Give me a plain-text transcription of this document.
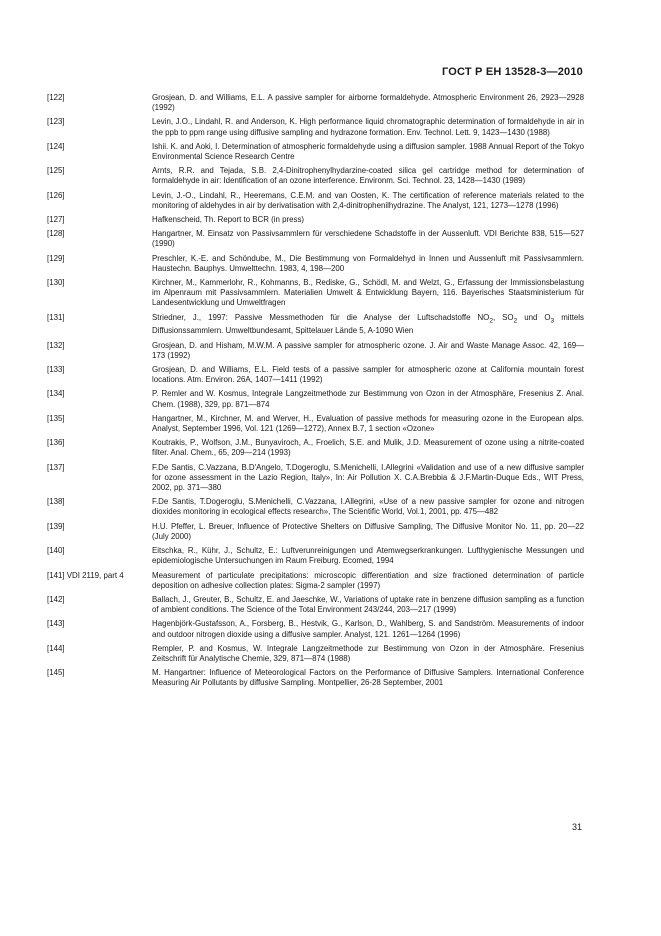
ГОСТ Р ЕН 13528-3—2010
[122]	Grosjean, D. and Williams, E.L. A passive sampler for airborne formaldehyde. Atmospheric Environment 26, 2923—2928 (1992)
[123]	Levin, J.O., Lindahl, R. and Anderson, K. High performance liquid chromatographic determination of formaldehyde in air in the ppb to ppm range using diffusive sampling and hydrazone formation. Env. Technol. Lett. 9, 1423—1430 (1988)
[124]	Ishii. K. and Aoki, I. Determination of atmospheric formaldehyde using a diffusion sampler. 1988 Annual Report of the Tokyo Environmental Science Research Centre
[125]	Arnts, R.R. and Tejada, S.B. 2,4-Dinitrophenylhydarzine-coated silica gel cartridge method for determination of formaldehyde in air: Identification of an ozone interference. Environm. Sci. Technol. 23, 1428—1430 (1989)
[126]	Levin, J.-O., Lindahl, R., Heeremans, C.E.M. and van Oosten, K. The certification of reference materials related to the monitoring of aldehydes in air by derivatisation with 2,4-dinitrophenilhydrazine. The Analyst, 121, 1273—1278 (1996)
[127]	Hafkenscheid, Th. Report to BCR (in press)
[128]	Hangartner, M. Einsatz von Passivsammlern für verschiedene Schadstoffe in der Aussenluft. VDI Berichte 838, 515—527 (1990)
[129]	Preschler, K.-E. and Schöndube, M., Die Bestimmung von Formaldehyd in Innen und Aussenluft mit Passivsammlern. Haustechn. Bauphys. Umwelttechn. 1983, 4, 198—200
[130]	Kirchner, M., Kammerlohr, R., Kohmanns, B., Rediske, G., Schödl, M. and Welzt, G., Erfassung der Immissionsbelastung im Alpenraum mit Passivsammlern. Materialien Umwelt & Entwicklung Bayern, 116. Bayerisches Staatsministerium für Landesentwicklung und Umweltfragen
[131]	Striedner, J., 1997: Passive Messmethoden für die Analyse der Luftschadstoffe $NO_2$, $SO_2$ und $O_3$ mittels Diffusionssammlern. Umweltbundesamt, Spittelauer Lände 5, A-1090 Wien
[132]	Grosjean, D. and Hisham, M.W.M. A passive sampler for atmospheric ozone. J. Air and Waste Manage Assoc. 42, 169—173 (1992)
[133]	Grosjean, D. and Williams, E.L. Field tests of a passive sampler for atmospheric ozone at California mountain forest locations. Atm. Environ. 26A, 1407—1411 (1992)
[134]	P. Remler and W. Kosmus, Integrale Langzeitmethode zur Bestimmung von Ozon in der Atmosphäre, Fresenius Z. Anal. Chem. (1988), 329, pp. 871—874
[135]	Hangartner, M., Kirchner, M. and Werver, H., Evaluation of passive methods for measuring ozone in the European alps. Analyst, September 1996, Vol. 121 (1269—1272), Annex B.7, 1 section «Ozone»
[136]	Koutrakis, P., Wolfson, J.M., Bunyaviroch, A., Froelich, S.E. and Mulik, J.D. Measurement of ozone using a nitrite-coated filter. Anal. Chem., 65, 209—214 (1993)
[137]	F.De Santis, C.Vazzana, B.D'Angelo, T.Dogeroglu, S.Menichelli, I.Allegrini «Validation and use of a new diffusive sampler for ozone assessment in the Lazio Region, Italy», In: Air Pollution X. C.A.Brebbia & J.F.Martin-Duque Eds., WIT Press, 2002, pp. 371—380
[138]	F.De Santis, T.Dogeroglu, S.Menichelli, C.Vazzana, I.Allegrini, «Use of a new passive sampler for ozone and nitrogen dioxides monitoring in ecological effects research», The Scientific World, Vol.1, 2001, pp. 475—482
[139]	H.U. Pfeffer, L. Breuer, Influence of Protective Shelters on Diffusive Sampling, The Diffusive Monitor No. 11, pp. 20—22 (July 2000)
[140]	Eitschka, R., Kühr, J., Schultz, E.: Luftverunreinigungen und Atemwegserkrankungen. Lufthygienische Messungen und epidemiologische Untersuchungen im Raum Freiburg. Ecomed, 1994
[141] VDI 2119, part 4	Measurement of particulate precipitations: microscopic differentiation and size fractioned determination of particle deposition on adhesive collection plates: Sigma-2 sampler (1997)
[142]	Ballach, J., Greuter, B., Schultz, E. and Jaeschke, W., Variations of uptake rate in benzene diffusion sampling as a function of ambient conditions. The Science of the Total Environment 243/244, 203—217 (1999)
[143]	Hagenbjörk-Gustafsson, A., Forsberg, B., Hestvik, G., Karlson, D., Wahlberg, S. and Sandström. Measurements of indoor and outdoor nitrogen dioxide using a diffusive sampler. Analyst, 121. 1261—1264 (1996)
[144]	Rempler, P. and Kosmus, W. Integrale Langzeitmethode zur Bestimmung von Ozon in der Atmosphäre. Fresenius Zeitschrift für Analytische Chemie, 329, 871—874 (1988)
[145]	M. Hangartner: Influence of Meteorological Factors on the Performance of Diffusive Samplers. International Conference Measuring Air Pollutants by diffusive Sampling. Montpellier, 26-28 September, 2001
31
